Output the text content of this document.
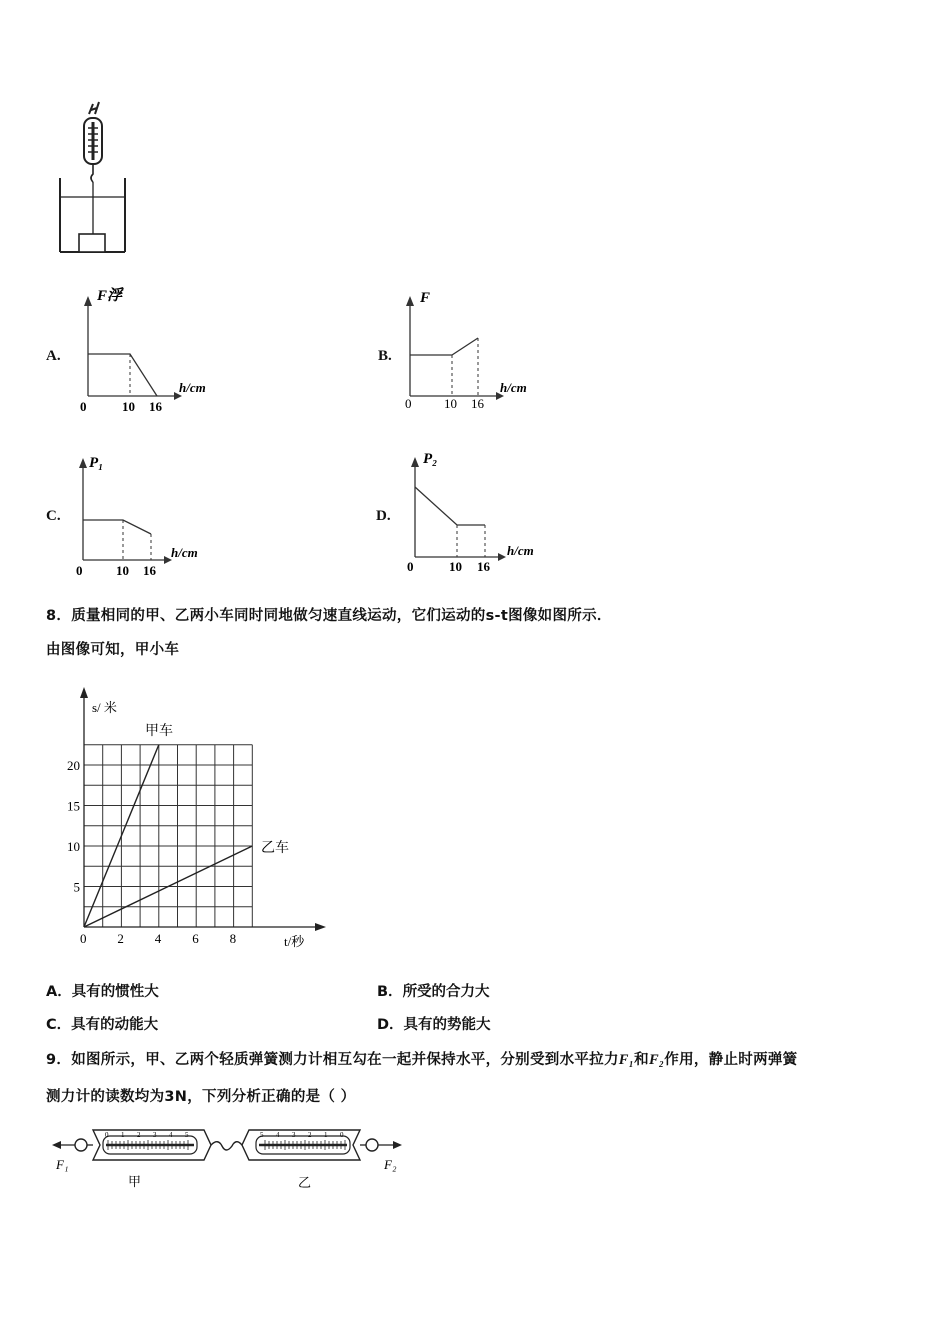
A.
F浮
h/cm
0	10 16
B.
F
h/cm
0	10 16
C.
P₁
h/cm
0	10 16
D.
P₂
h/cm
0	10 16
8．质量相同的甲、乙两小车同时同地做匀速直线运动，它们运动的s-t图像如图所示．
由图像可知，甲小车
0 2 4 6 8
5
10
15
20
s/ 米
t/秒
甲车
乙车
A．具有的惯性大	B．所受的合力大
C．具有的动能大	D．具有的势能大
9．如图所示，甲、乙两个轻质弹簧测力计相互勾在一起并保持水平，分别受到水平拉力F₁和F₂作用，静止时两弹簧
测力计的读数均为3N，下列分析正确的是（ ）
0 1 2 3 4 5	5 4 3 2 1 0
F₁	F₂
甲	乙
